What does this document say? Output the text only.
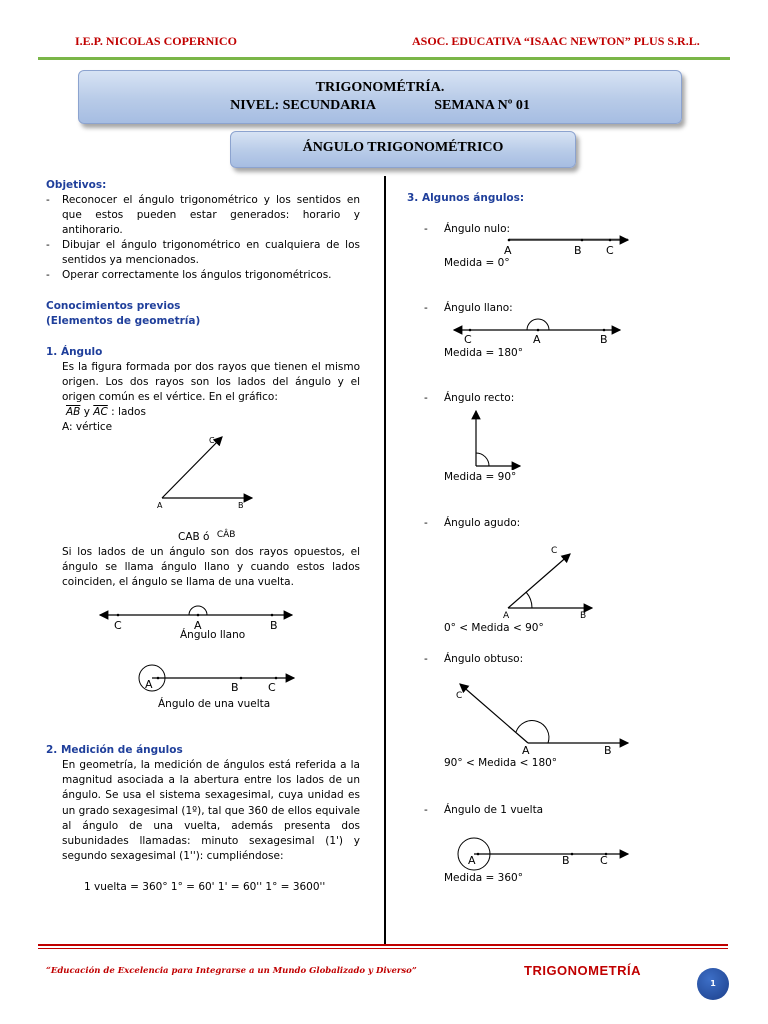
I.E.P. NICOLAS COPERNICO	ASOC. EDUCATIVA “ISAAC NEWTON” PLUS S.R.L.
TRIGONOMÉTRÍA.
NIVEL: SECUNDARIA	SEMANA Nº 01
ÁNGULO TRIGONOMÉTRICO
Objetivos:
- Reconocer el ángulo trigonométrico y los sentidos en que estos pueden estar generados: horario y antihorario.
- Dibujar el ángulo trigonométrico en cualquiera de los sentidos ya mencionados.
- Operar correctamente los ángulos trigonométricos.
Conocimientos previos
(Elementos de geometría)
1. Ángulo
Es la figura formada por dos rayos que tienen el mismo origen. Los dos rayos son los lados del ángulo y el origen común es el vértice. En el gráfico:
$\overline{AB}$ y $\overline{AC}$ : lados
A: vértice
C
A	B
CAB ó CÂB
Si los lados de un ángulo son dos rayos opuestos, el ángulo se llama ángulo llano y cuando estos lados coinciden, el ángulo se llama de una vuelta.
C	A	B
Ángulo llano
A	B	C
Ángulo de una vuelta
2. Medición de ángulos
En geometría, la medición de ángulos está referida a la magnitud asociada a la abertura entre los lados de un ángulo. Se usa el sistema sexagesimal, cuya unidad es un grado sexagesimal (1º), tal que 360 de ellos equivale al ángulo de una vuelta, además presenta dos subunidades llamadas: minuto sexagesimal (1') y segundo sexagesimal (1''): cumpliéndose:
1 vuelta = 360° 1° = 60' 1' = 60'' 1° = 3600''
3. Algunos ángulos:
- Ángulo nulo:
A	B C
Medida = 0°
- Ángulo llano:
C	A	B
Medida = 180°
- Ángulo recto:
Medida = 90°
- Ángulo agudo:
C
A	B
0° < Medida < 90°
- Ángulo obtuso:
C
A	B
90° < Medida < 180°
- Ángulo de 1 vuelta
A	B	C
Medida = 360°
“Educación de Excelencia para Integrarse a un Mundo Globalizado y Diverso”	TRIGONOMETRÍA
1
